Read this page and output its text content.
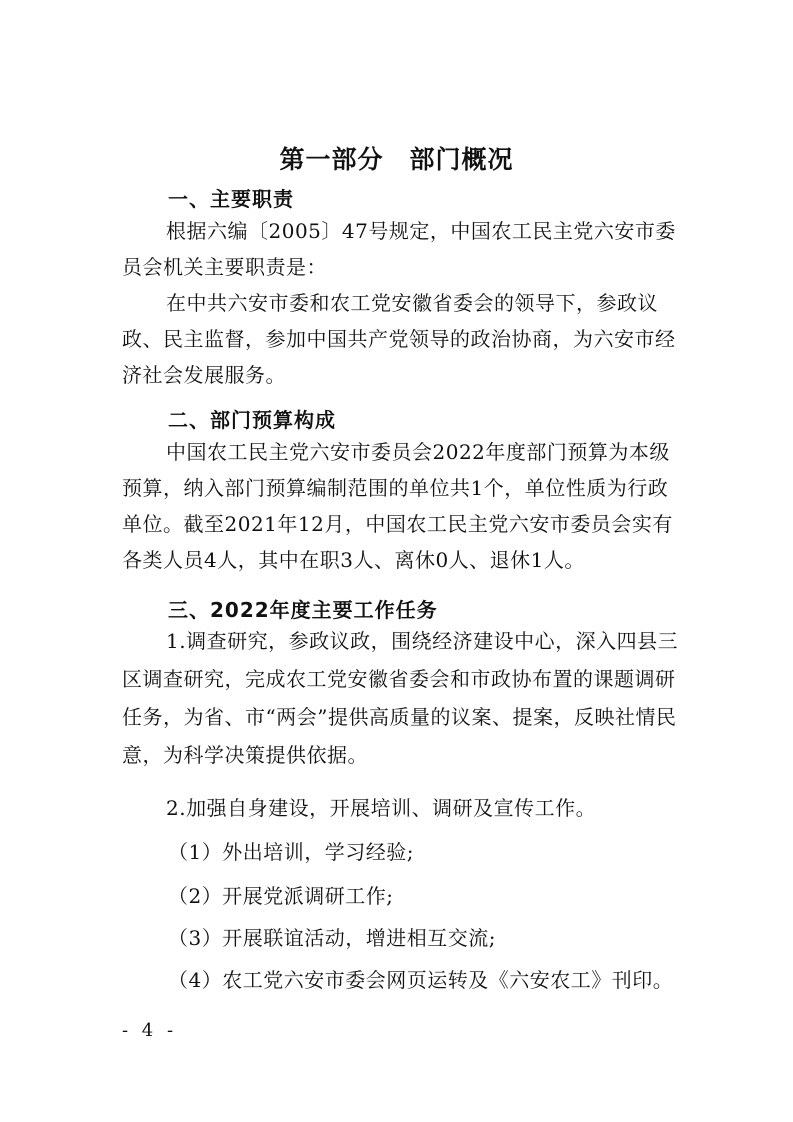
第一部分　部门概况
一、主要职责
根据六编〔2005〕47号规定，中国农工民主党六安市委员会机关主要职责是：
在中共六安市委和农工党安徽省委会的领导下，参政议政、民主监督，参加中国共产党领导的政治协商，为六安市经济社会发展服务。
二、部门预算构成
中国农工民主党六安市委员会2022年度部门预算为本级预算，纳入部门预算编制范围的单位共1个，单位性质为行政单位。截至2021年12月，中国农工民主党六安市委员会实有各类人员4人，其中在职3人、离休0人、退休1人。
三、2022年度主要工作任务
1.调查研究，参政议政，围绕经济建设中心，深入四县三区调查研究，完成农工党安徽省委会和市政协布置的课题调研任务，为省、市“两会”提供高质量的议案、提案，反映社情民意，为科学决策提供依据。
2.加强自身建设，开展培训、调研及宣传工作。
（1）外出培训，学习经验;
（2）开展党派调研工作;
（3）开展联谊活动，增进相互交流;
（4）农工党六安市委会网页运转及《六安农工》刊印。
- 4 -
